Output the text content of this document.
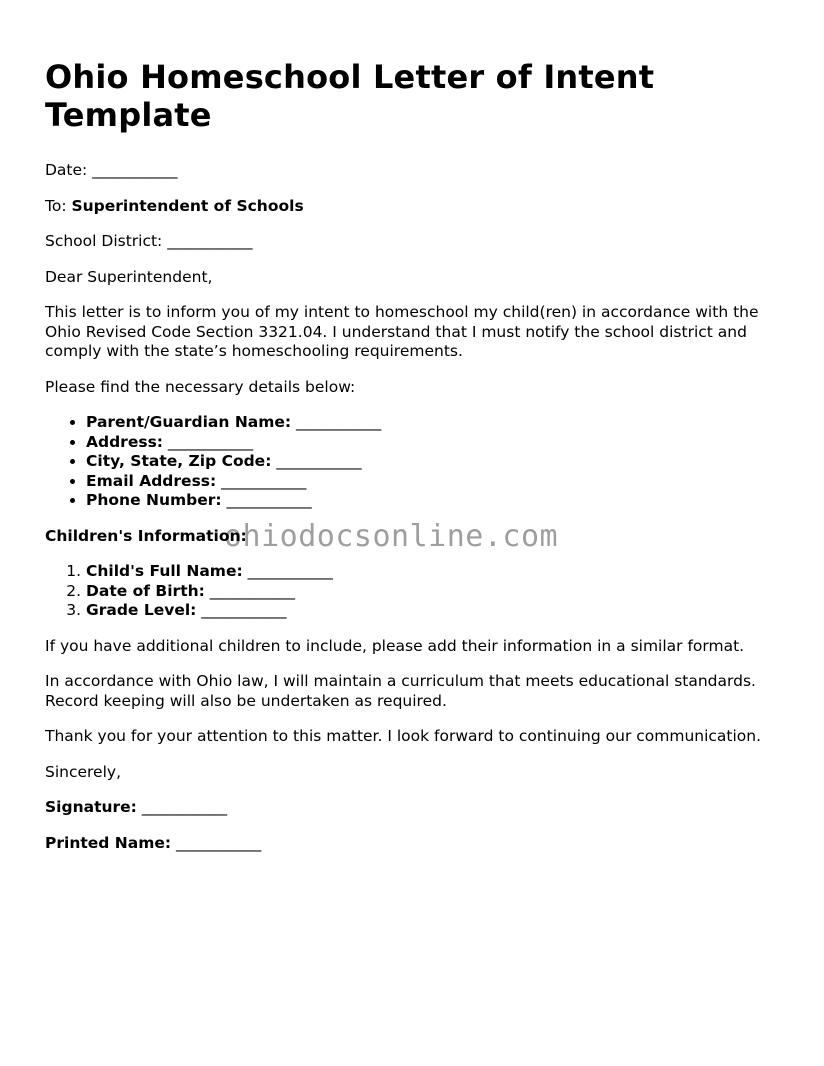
Ohio Homeschool Letter of Intent Template

Date: ___________

To: Superintendent of Schools

School District: ___________

Dear Superintendent,

This letter is to inform you of my intent to homeschool my child(ren) in accordance with the Ohio Revised Code Section 3321.04. I understand that I must notify the school district and comply with the state’s homeschooling requirements.

Please find the necessary details below:

• Parent/Guardian Name: ___________
• Address: ___________
• City, State, Zip Code: ___________
• Email Address: ___________
• Phone Number: ___________

Children's Information:

1. Child's Full Name: ___________
2. Date of Birth: ___________
3. Grade Level: ___________

If you have additional children to include, please add their information in a similar format.

In accordance with Ohio law, I will maintain a curriculum that meets educational standards. Record keeping will also be undertaken as required.

Thank you for your attention to this matter. I look forward to continuing our communication.

Sincerely,

Signature: ___________

Printed Name: ___________

ohiodocsonline.com
